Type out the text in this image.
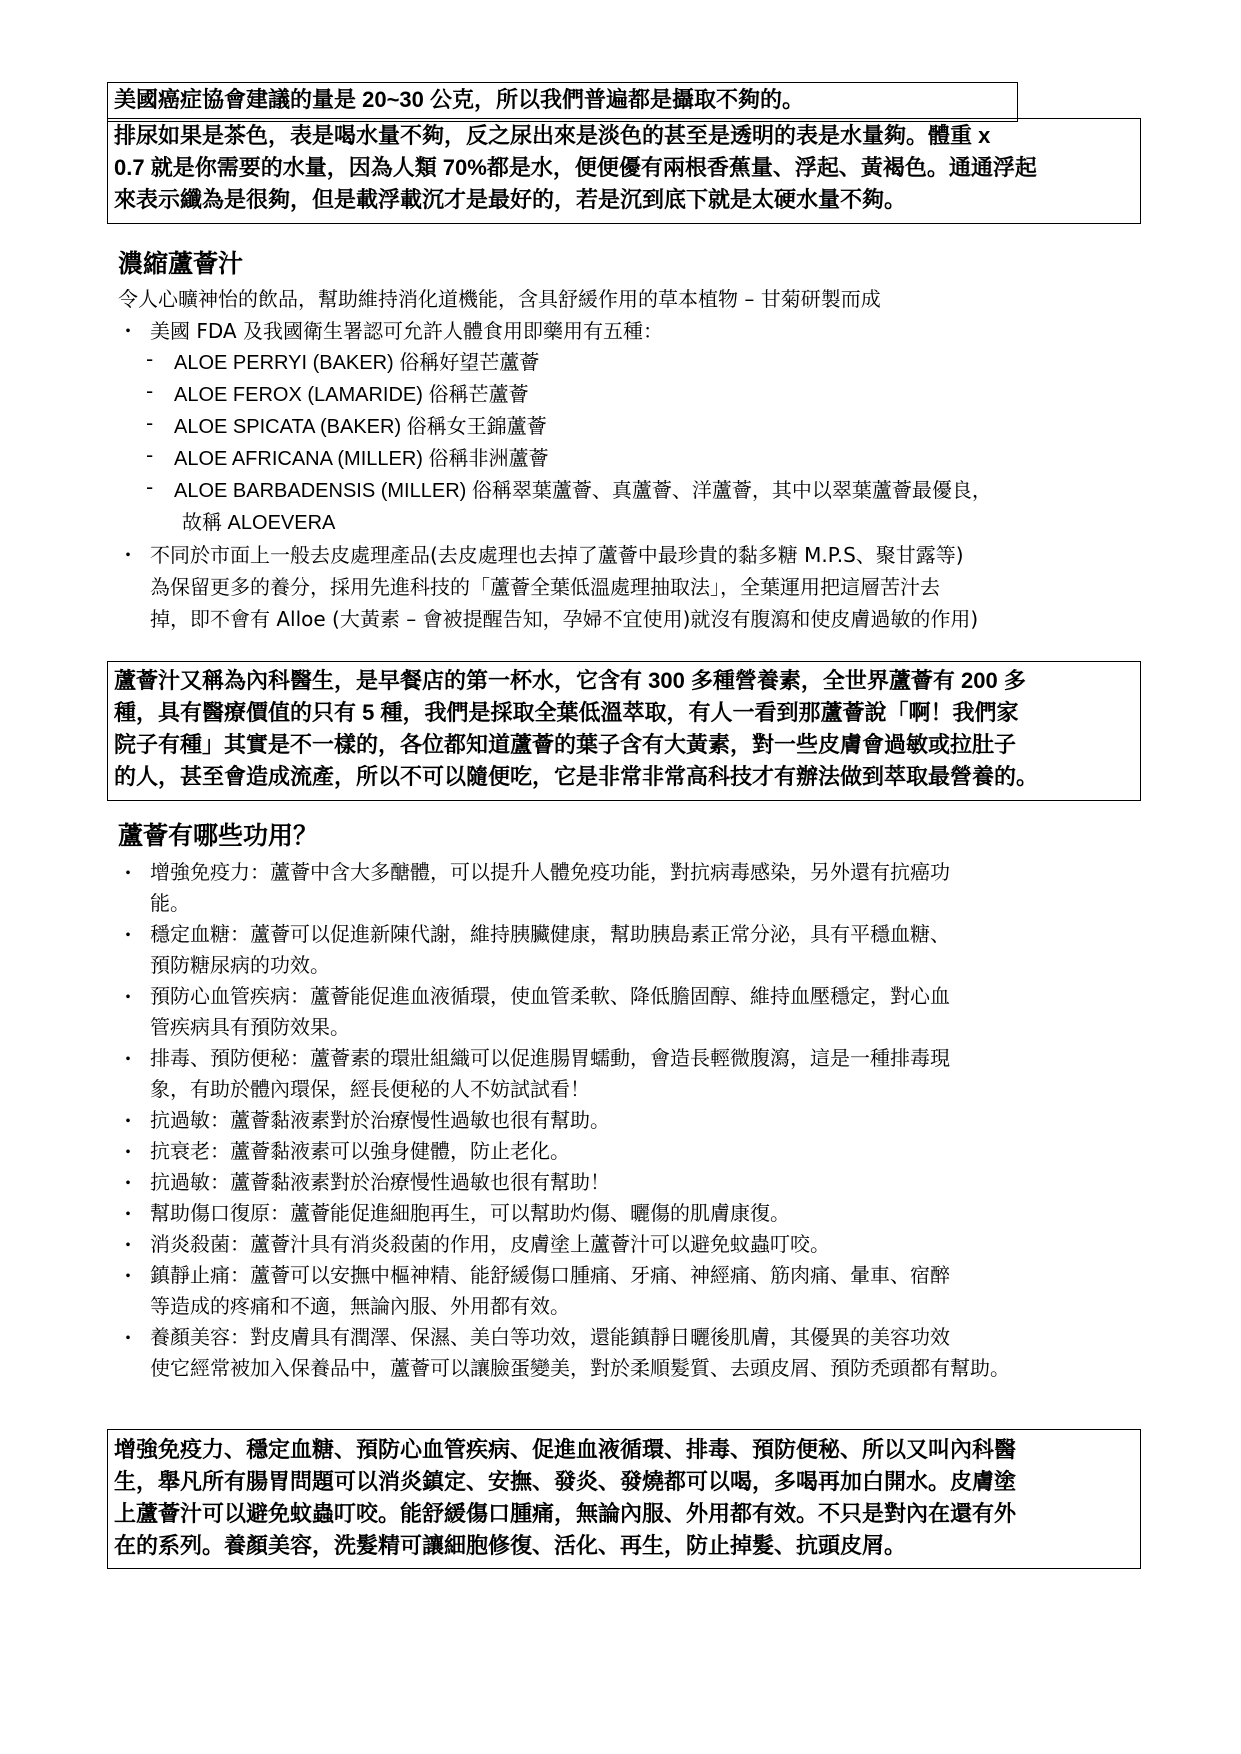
美國癌症協會建議的量是 20~30 公克，所以我們普遍都是攝取不夠的。
排尿如果是茶色，表是喝水量不夠，反之尿出來是淡色的甚至是透明的表是水量夠。體重 x
0.7 就是你需要的水量，因為人類 70%都是水，便便優有兩根香蕉量、浮起、黃褐色。通通浮起
來表示纖為是很夠，但是載浮載沉才是最好的，若是沉到底下就是太硬水量不夠。
濃縮蘆薈汁
令人心曠神怡的飲品，幫助維持消化道機能，含具舒緩作用的草本植物 – 甘菊研製而成
・ 美國 FDA 及我國衛生署認可允許人體食用即藥用有五種：
- ALOE PERRYI (BAKER) 俗稱好望芒蘆薈
- ALOE FEROX (LAMARIDE) 俗稱芒蘆薈
- ALOE SPICATA (BAKER) 俗稱女王錦蘆薈
- ALOE AFRICANA (MILLER) 俗稱非洲蘆薈
- ALOE BARBADENSIS (MILLER) 俗稱翠葉蘆薈、真蘆薈、洋蘆薈，其中以翠葉蘆薈最優良，
故稱 ALOEVERA
・ 不同於市面上一般去皮處理產品(去皮處理也去掉了蘆薈中最珍貴的黏多糖 M.P.S、聚甘露等)
為保留更多的養分，採用先進科技的「蘆薈全葉低溫處理抽取法」，全葉運用把這層苦汁去
掉，即不會有 Alloe (大黃素 – 會被提醒告知，孕婦不宜使用)就沒有腹瀉和使皮膚過敏的作用)
蘆薈汁又稱為內科醫生，是早餐店的第一杯水，它含有 300 多種營養素，全世界蘆薈有 200 多
種，具有醫療價值的只有 5 種，我們是採取全葉低溫萃取，有人一看到那蘆薈說「啊！我們家
院子有種」其實是不一樣的，各位都知道蘆薈的葉子含有大黃素，對一些皮膚會過敏或拉肚子
的人，甚至會造成流產，所以不可以隨便吃，它是非常非常高科技才有辦法做到萃取最營養的。
蘆薈有哪些功用？
・ 增強免疫力：蘆薈中含大多醣體，可以提升人體免疫功能，對抗病毒感染，另外還有抗癌功
能。
・ 穩定血糖：蘆薈可以促進新陳代謝，維持胰臟健康，幫助胰島素正常分泌，具有平穩血糖、
預防糖尿病的功效。
・ 預防心血管疾病：蘆薈能促進血液循環，使血管柔軟、降低膽固醇、維持血壓穩定，對心血
管疾病具有預防效果。
・ 排毒、預防便秘：蘆薈素的環壯組織可以促進腸胃蠕動，會造長輕微腹瀉，這是一種排毒現
象，有助於體內環保，經長便秘的人不妨試試看！
・ 抗過敏：蘆薈黏液素對於治療慢性過敏也很有幫助。
・ 抗衰老：蘆薈黏液素可以強身健體，防止老化。
・ 抗過敏：蘆薈黏液素對於治療慢性過敏也很有幫助！
・ 幫助傷口復原：蘆薈能促進細胞再生，可以幫助灼傷、曬傷的肌膚康復。
・ 消炎殺菌：蘆薈汁具有消炎殺菌的作用，皮膚塗上蘆薈汁可以避免蚊蟲叮咬。
・ 鎮靜止痛：蘆薈可以安撫中樞神精、能舒緩傷口腫痛、牙痛、神經痛、筋肉痛、暈車、宿醉
等造成的疼痛和不適，無論內服、外用都有效。
・ 養顏美容：對皮膚具有潤澤、保濕、美白等功效，還能鎮靜日曬後肌膚，其優異的美容功效
使它經常被加入保養品中，蘆薈可以讓臉蛋變美，對於柔順髮質、去頭皮屑、預防禿頭都有幫助。
增強免疫力、穩定血糖、預防心血管疾病、促進血液循環、排毒、預防便秘、所以又叫內科醫
生，舉凡所有腸胃問題可以消炎鎮定、安撫、發炎、發燒都可以喝，多喝再加白開水。皮膚塗
上蘆薈汁可以避免蚊蟲叮咬。能舒緩傷口腫痛，無論內服、外用都有效。不只是對內在還有外
在的系列。養顏美容，洗髮精可讓細胞修復、活化、再生，防止掉髮、抗頭皮屑。
